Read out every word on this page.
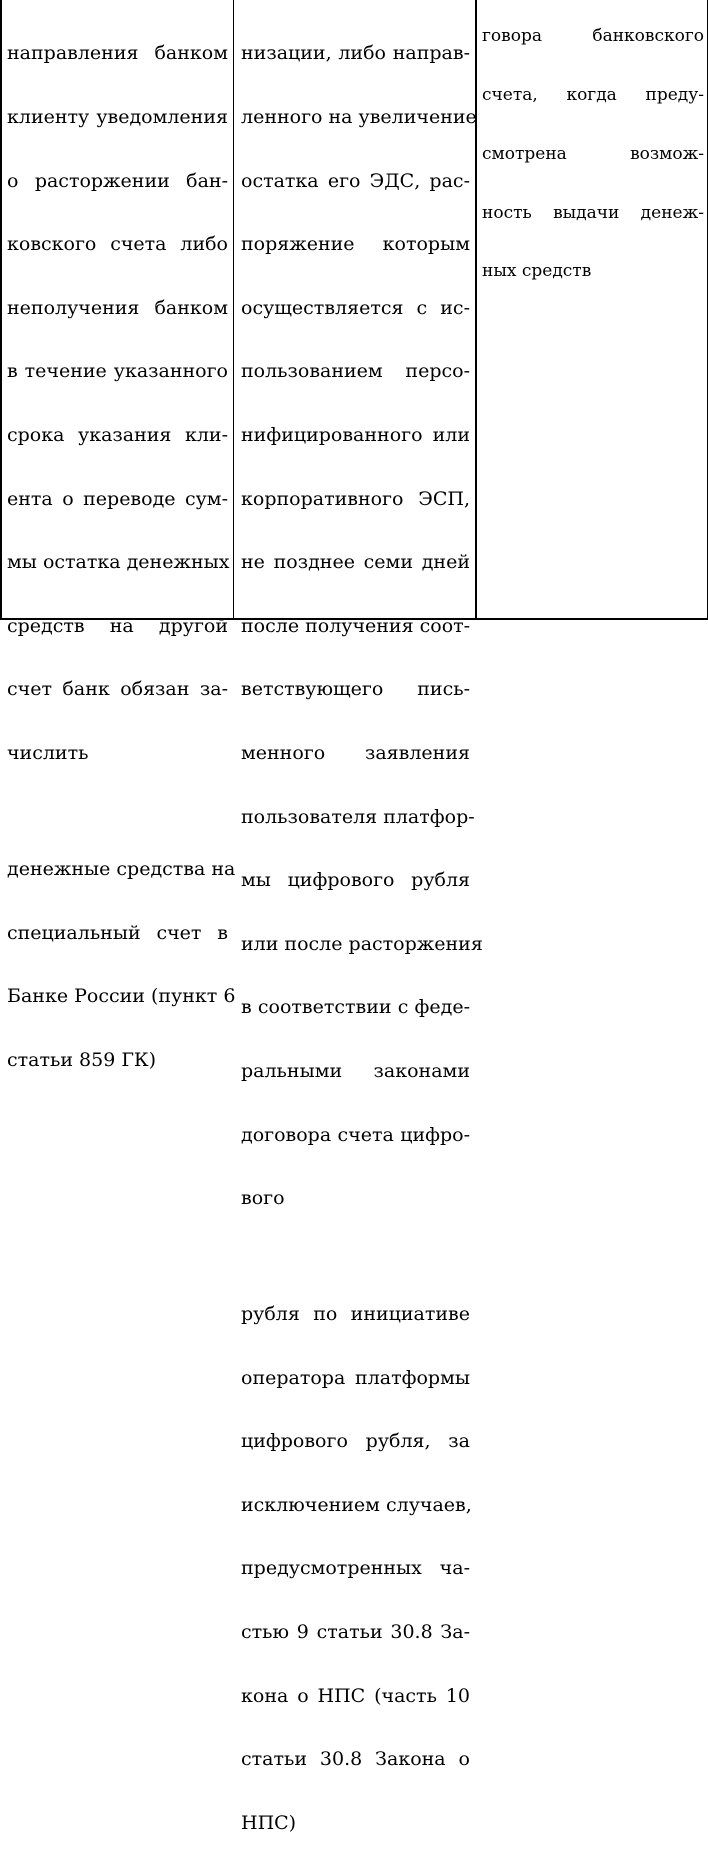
направления банком

клиенту уведомления

о расторжении бан-

ковского счета либо

неполучения банком

в течение указанного

срока указания кли-

ента о переводе сум-

мы остатка денежных

средств на другой

счет банк обязан за-

числить

денежные средства на

специальный счет в

Банке России (пункт 6

статьи 859 ГК)

низации, либо направ-

ленного на увеличение

остатка его ЭДС, рас-

поряжение которым

осуществляется с ис-

пользованием персо-

нифицированного или

корпоративного ЭСП,

не позднее семи дней

после получения соот-

ветствующего пись-

менного заявления

пользователя платфор-

мы цифрового рубля

или после расторжения

в соответствии с феде-

ральными законами

договора счета цифро-

вого

рубля по инициативе

оператора платформы

цифрового рубля, за

исключением случаев,

предусмотренных ча-

стью 9 статьи 30.8 За-

кона о НПС (часть 10

статьи 30.8 Закона о

НПС)

говора банковского

счета, когда преду-

смотрена возмож-

ность выдачи денеж-

ных средств
